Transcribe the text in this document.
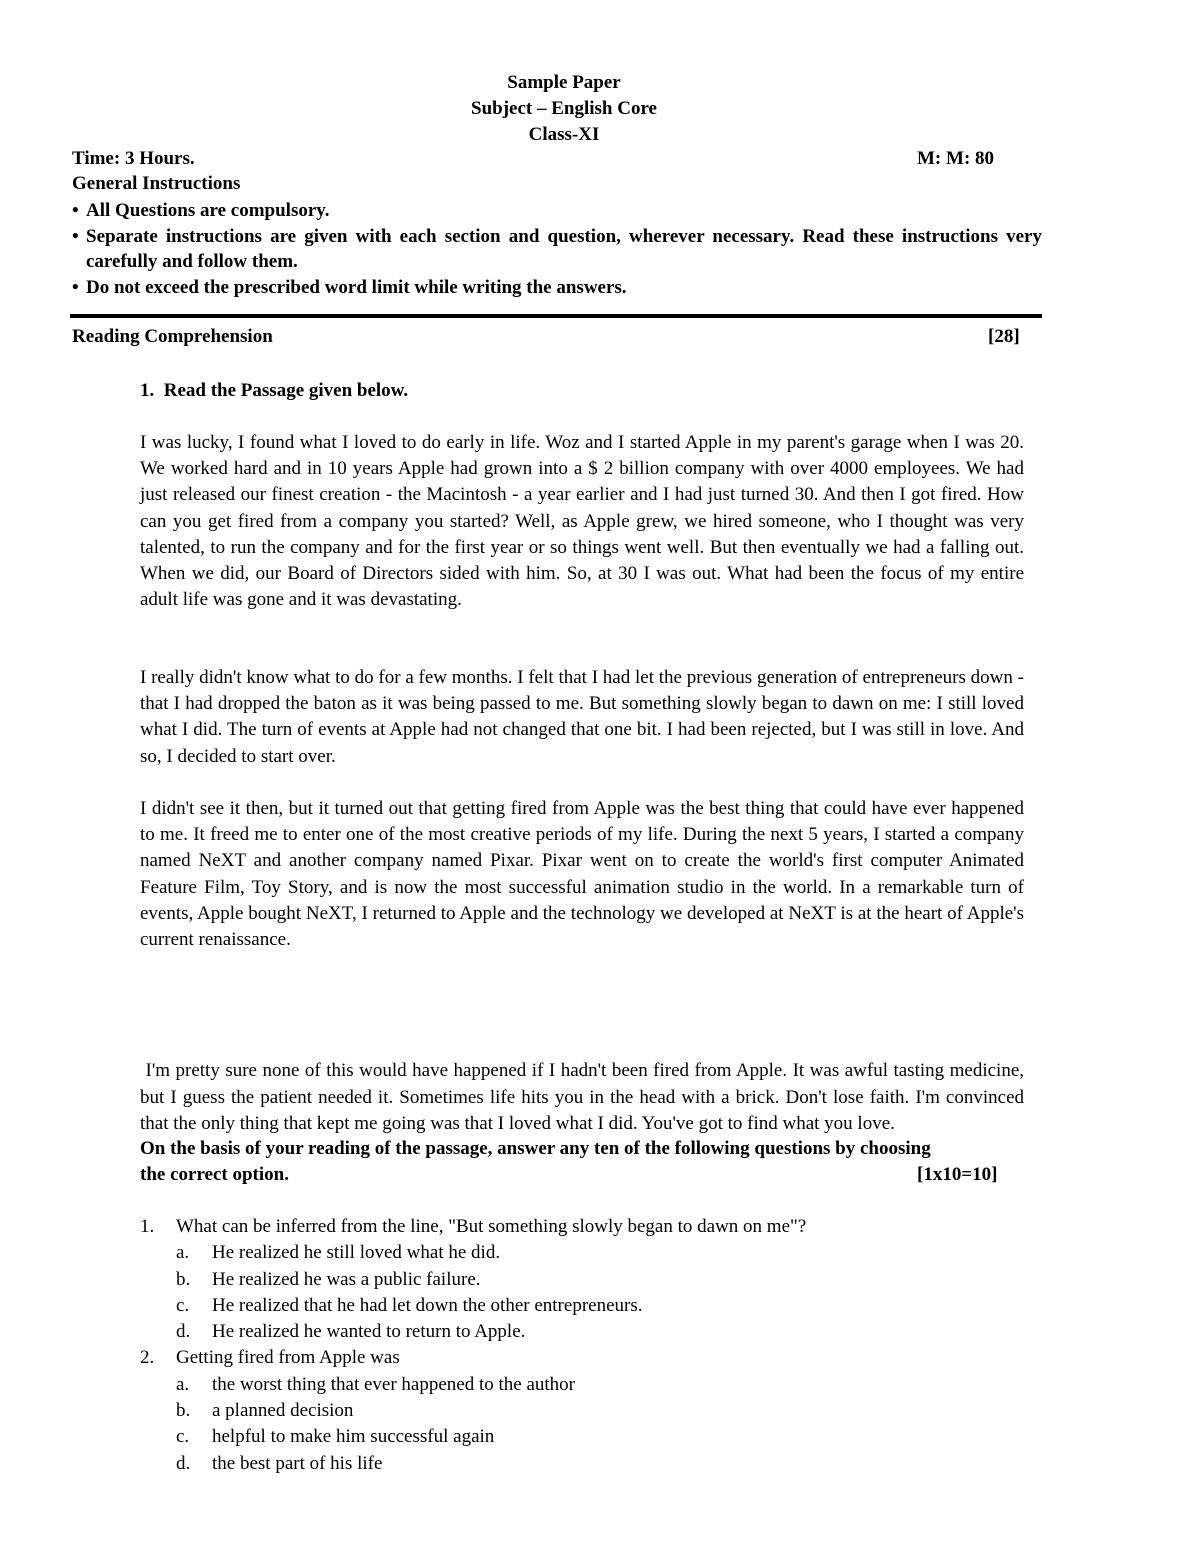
Sample Paper
Subject – English Core
Class-XI
Time: 3 Hours.	M: M: 80
General Instructions
• All Questions are compulsory.
• Separate instructions are given with each section and question, wherever necessary. Read these instructions very carefully and follow them.
• Do not exceed the prescribed word limit while writing the answers.
Reading Comprehension	[28]
1.  Read the Passage given below.

I was lucky, I found what I loved to do early in life. Woz and I started Apple in my parent's garage when I was 20. We worked hard and in 10 years Apple had grown into a $ 2 billion company with over 4000 employees. We had just released our finest creation - the Macintosh - a year earlier and I had just turned 30. And then I got fired. How can you get fired from a company you started? Well, as Apple grew, we hired someone, who I thought was very talented, to run the company and for the first year or so things went well. But then eventually we had a falling out. When we did, our Board of Directors sided with him. So, at 30 I was out. What had been the focus of my entire adult life was gone and it was devastating.

I really didn't know what to do for a few months. I felt that I had let the previous generation of entrepreneurs down - that I had dropped the baton as it was being passed to me. But something slowly began to dawn on me: I still loved what I did. The turn of events at Apple had not changed that one bit. I had been rejected, but I was still in love. And so, I decided to start over.

I didn't see it then, but it turned out that getting fired from Apple was the best thing that could have ever happened to me. It freed me to enter one of the most creative periods of my life. During the next 5 years, I started a company named NeXT and another company named Pixar. Pixar went on to create the world's first computer Animated Feature Film, Toy Story, and is now the most successful animation studio in the world. In a remarkable turn of events, Apple bought NeXT, I returned to Apple and the technology we developed at NeXT is at the heart of Apple's current renaissance.

I'm pretty sure none of this would have happened if I hadn't been fired from Apple. It was awful tasting medicine, but I guess the patient needed it. Sometimes life hits you in the head with a brick. Don't lose faith. I'm convinced that the only thing that kept me going was that I loved what I did. You've got to find what you love.

On the basis of your reading of the passage, answer any ten of the following questions by choosing
the correct option.	[1x10=10]
1.	What can be inferred from the line, "But something slowly began to dawn on me"?
a.	He realized he still loved what he did.
b.	He realized he was a public failure.
c.	He realized that he had let down the other entrepreneurs.
d.	He realized he wanted to return to Apple.
2.	Getting fired from Apple was
a.	the worst thing that ever happened to the author
b.	a planned decision
c.	helpful to make him successful again
d.	the best part of his life
